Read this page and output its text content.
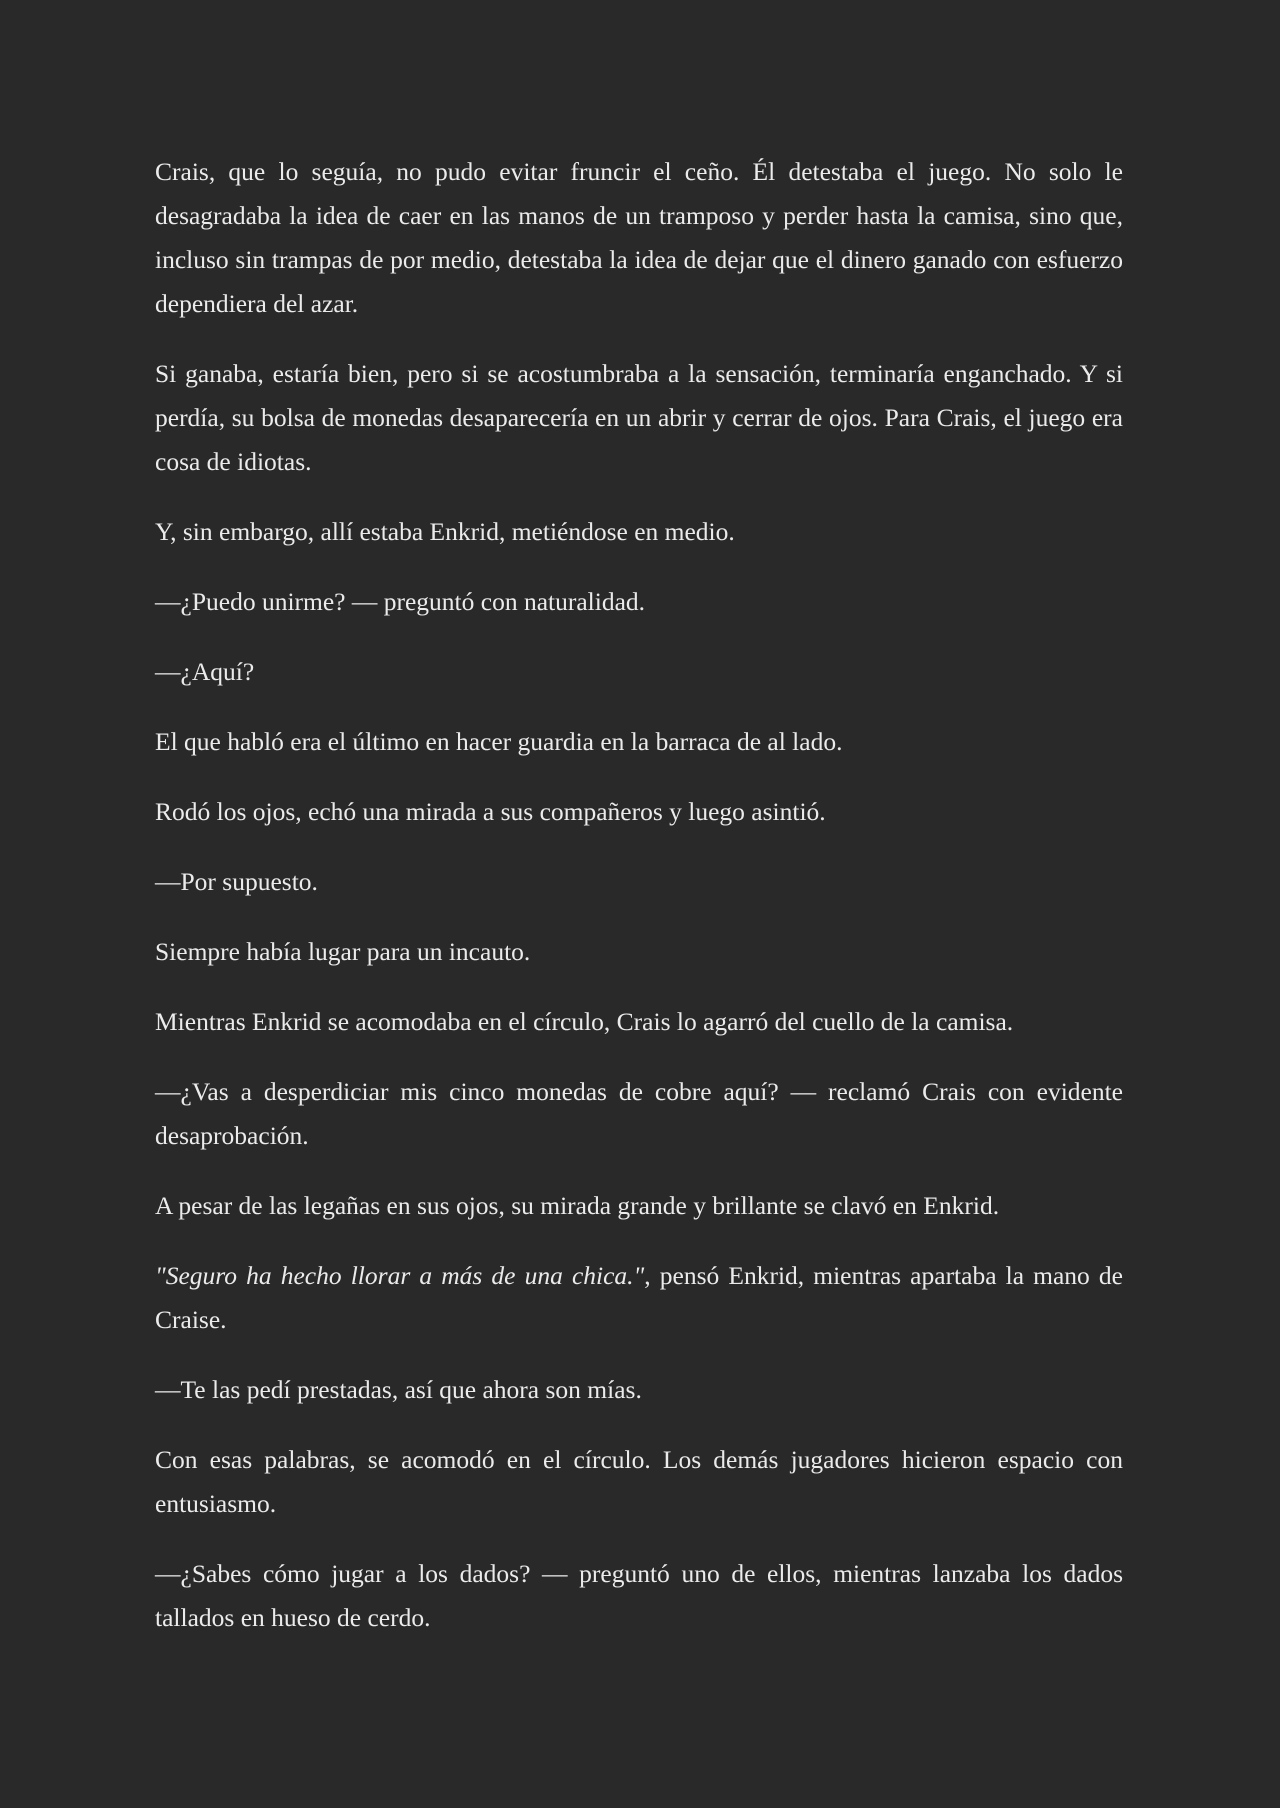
Crais, que lo seguía, no pudo evitar fruncir el ceño. Él detestaba el juego. No solo le desagradaba la idea de caer en las manos de un tramposo y perder hasta la camisa, sino que, incluso sin trampas de por medio, detestaba la idea de dejar que el dinero ganado con esfuerzo dependiera del azar.

Si ganaba, estaría bien, pero si se acostumbraba a la sensación, terminaría enganchado. Y si perdía, su bolsa de monedas desaparecería en un abrir y cerrar de ojos. Para Crais, el juego era cosa de idiotas.

Y, sin embargo, allí estaba Enkrid, metiéndose en medio.

—¿Puedo unirme? — preguntó con naturalidad.

—¿Aquí?

El que habló era el último en hacer guardia en la barraca de al lado.

Rodó los ojos, echó una mirada a sus compañeros y luego asintió.

—Por supuesto.

Siempre había lugar para un incauto.

Mientras Enkrid se acomodaba en el círculo, Crais lo agarró del cuello de la camisa.

—¿Vas a desperdiciar mis cinco monedas de cobre aquí? — reclamó Crais con evidente desaprobación.

A pesar de las legañas en sus ojos, su mirada grande y brillante se clavó en Enkrid.

"Seguro ha hecho llorar a más de una chica.", pensó Enkrid, mientras apartaba la mano de Craise.

—Te las pedí prestadas, así que ahora son mías.

Con esas palabras, se acomodó en el círculo. Los demás jugadores hicieron espacio con entusiasmo.

—¿Sabes cómo jugar a los dados? — preguntó uno de ellos, mientras lanzaba los dados tallados en hueso de cerdo.
